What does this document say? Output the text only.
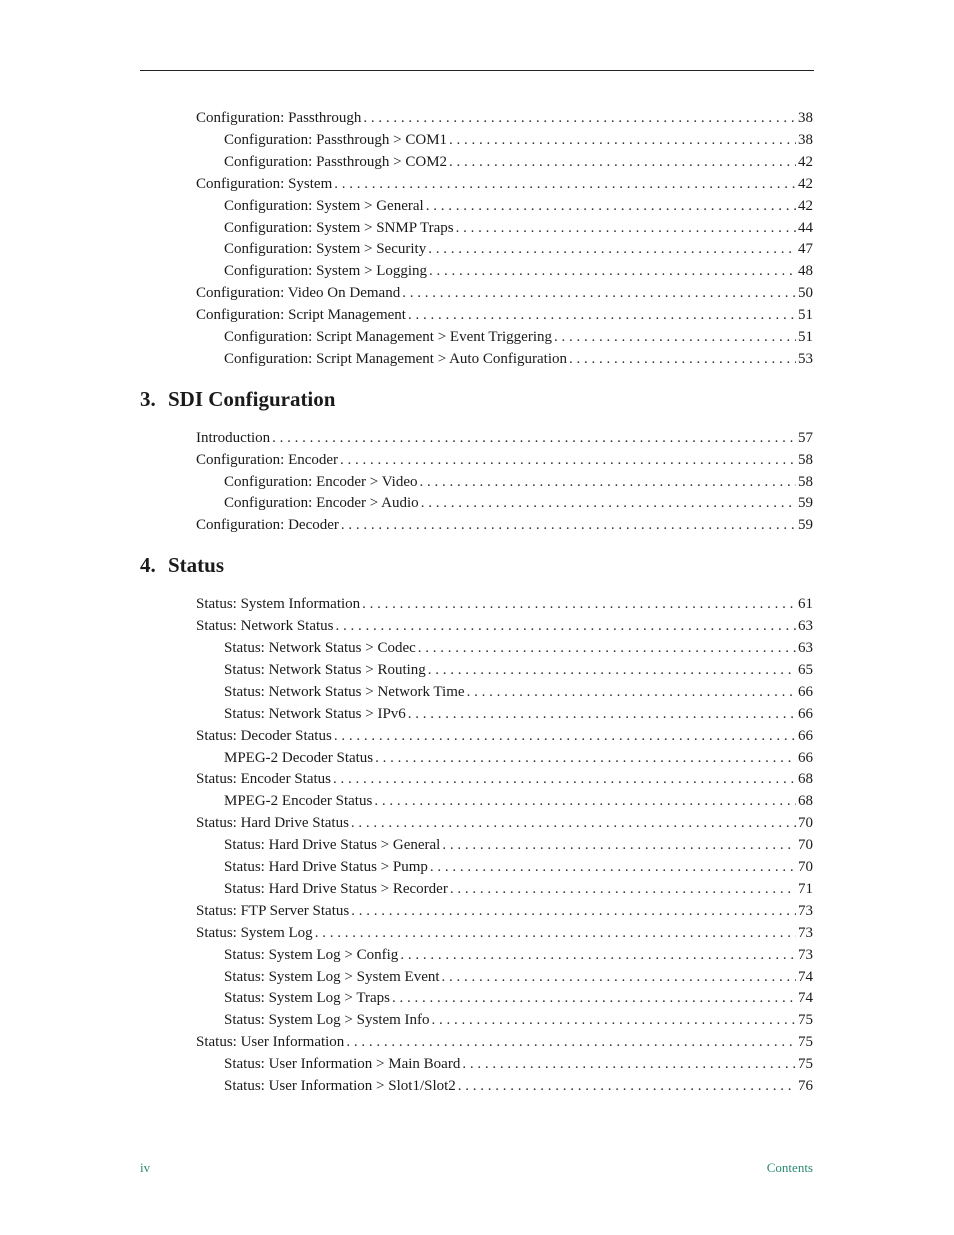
Configuration: Passthrough . . .	38
Configuration: Passthrough > COM1 . . .	38
Configuration: Passthrough > COM2 . . .	42
Configuration: System . . .	42
Configuration: System > General . . .	42
Configuration: System > SNMP Traps . . .	44
Configuration: System > Security . . .	47
Configuration: System > Logging . . .	48
Configuration: Video On Demand . . .	50
Configuration: Script Management . . .	51
Configuration: Script Management > Event Triggering . . .	51
Configuration: Script Management > Auto Configuration . . .	53
3. SDI Configuration
Introduction . . .	57
Configuration: Encoder . . .	58
Configuration: Encoder > Video . . .	58
Configuration: Encoder > Audio . . .	59
Configuration: Decoder . . .	59
4. Status
Status: System Information . . .	61
Status: Network Status . . .	63
Status: Network Status > Codec . . .	63
Status: Network Status > Routing . . .	65
Status: Network Status > Network Time . . .	66
Status: Network Status > IPv6 . . .	66
Status: Decoder Status . . .	66
MPEG-2 Decoder Status . . .	66
Status: Encoder Status . . .	68
MPEG-2 Encoder Status . . .	68
Status: Hard Drive Status . . .	70
Status: Hard Drive Status > General . . .	70
Status: Hard Drive Status > Pump . . .	70
Status: Hard Drive Status > Recorder . . .	71
Status: FTP Server Status . . .	73
Status: System Log . . .	73
Status: System Log > Config . . .	73
Status: System Log > System Event . . .	74
Status: System Log > Traps . . .	74
Status: System Log > System Info . . .	75
Status: User Information . . .	75
Status: User Information > Main Board . . .	75
Status: User Information > Slot1/Slot2 . . .	76
iv	Contents
